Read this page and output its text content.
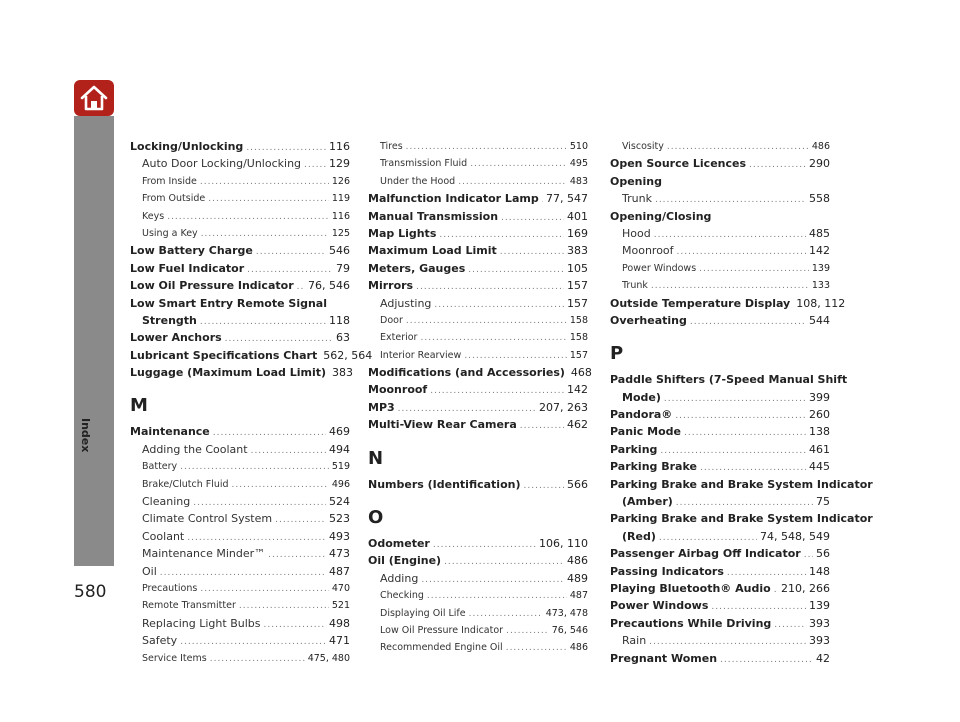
Index
580
Locking/Unlocking .....	116
Auto Door Locking/Unlocking .....	129
From Inside .....	126
From Outside .....	119
Keys .....	116
Using a Key .....	125
Low Battery Charge .....	546
Low Fuel Indicator .....	79
Low Oil Pressure Indicator ..... 76, 546
Low Smart Entry Remote Signal
Strength .....	118
Lower Anchors .....	63
Lubricant Specifications Chart 562, 564
Luggage (Maximum Load Limit) 383
M
Maintenance .....	469
Adding the Coolant .....	494
Battery .....	519
Brake/Clutch Fluid .....	496
Cleaning .....	524
Climate Control System .....	523
Coolant .....	493
Maintenance Minder™ .....	473
Oil .....	487
Precautions .....	470
Remote Transmitter .....	521
Replacing Light Bulbs .....	498
Safety .....	471
Service Items .....	475, 480
Tires .....	510
Transmission Fluid .....	495
Under the Hood .....	483
Malfunction Indicator Lamp ..... 77, 547
Manual Transmission .....	401
Map Lights .....	169
Maximum Load Limit .....	383
Meters, Gauges .....	105
Mirrors .....	157
Adjusting .....	157
Door .....	158
Exterior .....	158
Interior Rearview .....	157
Modifications (and Accessories) 468
Moonroof .....	142
MP3 .....	207, 263
Multi-View Rear Camera .....	462
N
Numbers (Identification) .....	566
O
Odometer .....	106, 110
Oil (Engine) .....	486
Adding .....	489
Checking .....	487
Displaying Oil Life .....	473, 478
Low Oil Pressure Indicator .....	76, 546
Recommended Engine Oil .....	486
Viscosity .....	486
Open Source Licences .....	290
Opening
Trunk .....	558
Opening/Closing
Hood .....	485
Moonroof .....	142
Power Windows .....	139
Trunk .....	133
Outside Temperature Display 108, 112
Overheating .....	544
P
Paddle Shifters (7-Speed Manual Shift
Mode) .....	399
Pandora® .....	260
Panic Mode .....	138
Parking .....	461
Parking Brake .....	445
Parking Brake and Brake System Indicator
(Amber) .....	75
Parking Brake and Brake System Indicator
(Red) .....	74, 548, 549
Passenger Airbag Off Indicator ..... 56
Passing Indicators .....	148
Playing Bluetooth® Audio ..... 210, 266
Power Windows .....	139
Precautions While Driving .....	393
Rain .....	393
Pregnant Women .....	42
